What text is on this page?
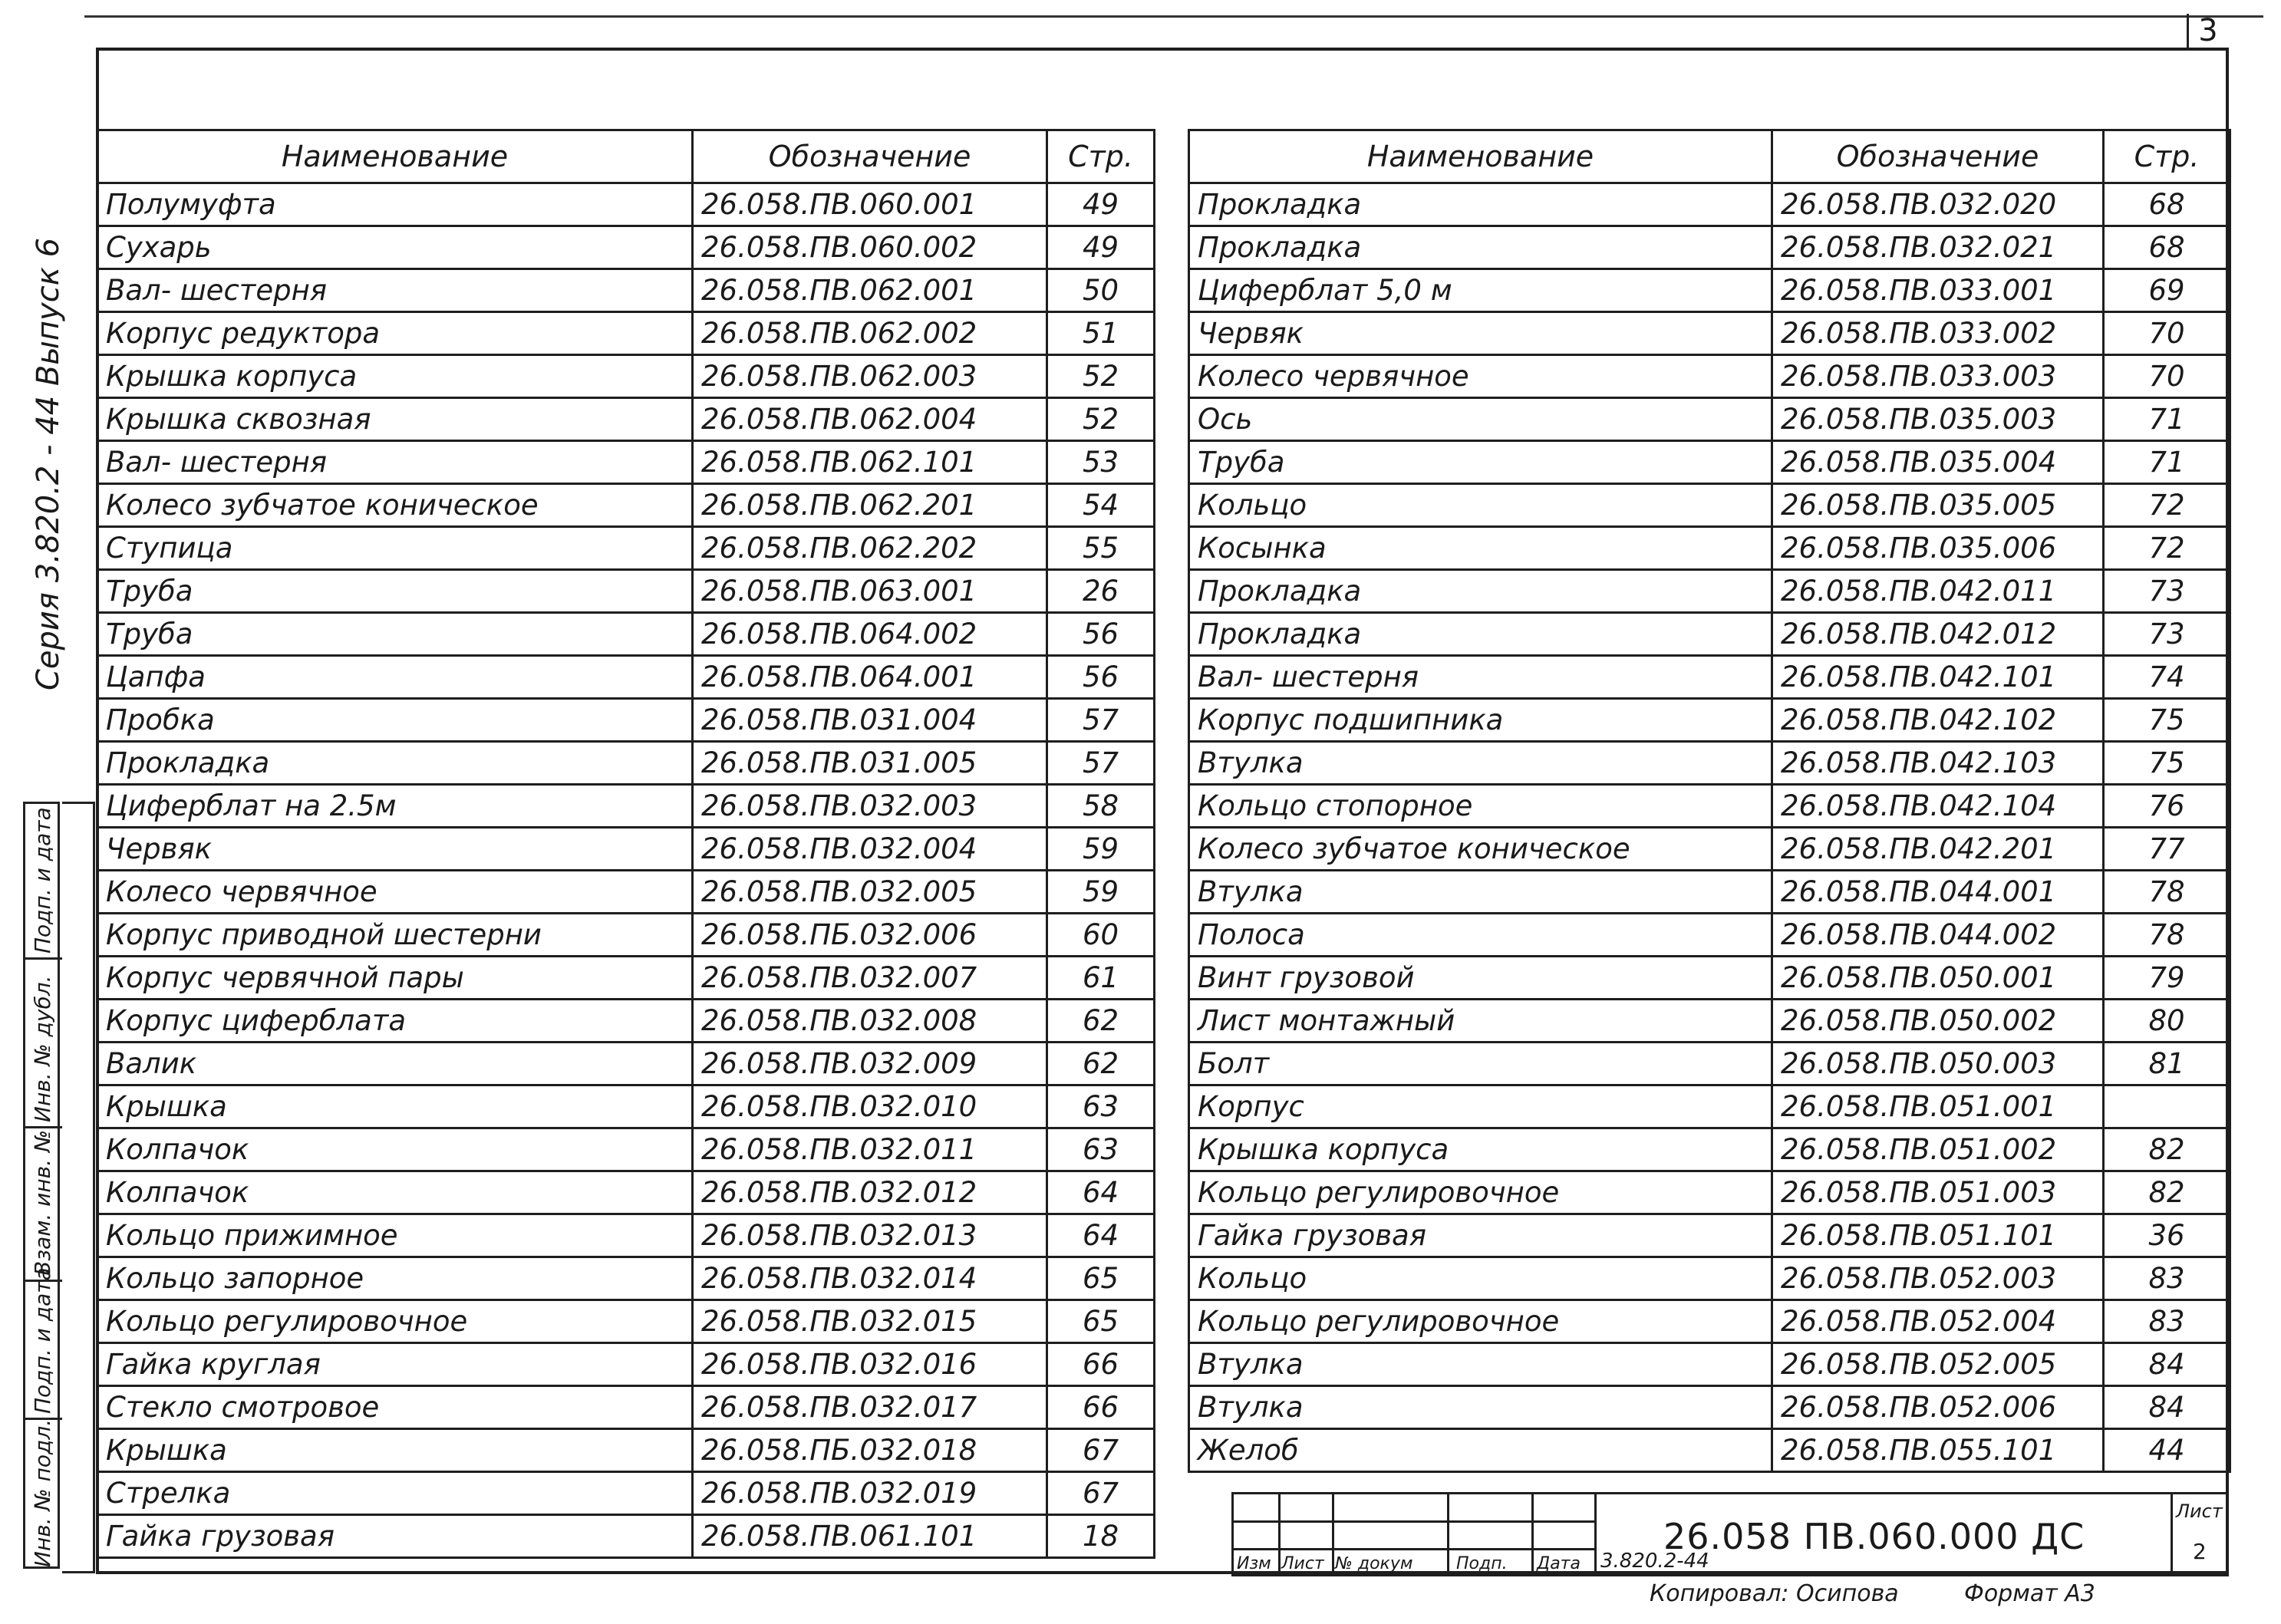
3
Серия 3.820.2 - 44 Выпуск 6
Инв. № подл.
Подп. и дата
Взам. инв. №
Инв. № дубл.
Подп. и дата
Наименование	Обозначение	Стр.
Полумуфта	26.058.ПВ.060.001	49
Сухарь	26.058.ПВ.060.002	49
Вал- шестерня	26.058.ПВ.062.001	50
Корпус редуктора	26.058.ПВ.062.002	51
Крышка корпуса	26.058.ПВ.062.003	52
Крышка сквозная	26.058.ПВ.062.004	52
Вал- шестерня	26.058.ПВ.062.101	53
Колесо зубчатое коническое	26.058.ПВ.062.201	54
Ступица	26.058.ПВ.062.202	55
Труба	26.058.ПВ.063.001	26
Труба	26.058.ПВ.064.002	56
Цапфа	26.058.ПВ.064.001	56
Пробка	26.058.ПВ.031.004	57
Прокладка	26.058.ПВ.031.005	57
Циферблат на 2.5м	26.058.ПВ.032.003	58
Червяк	26.058.ПВ.032.004	59
Колесо червячное	26.058.ПВ.032.005	59
Корпус приводной шестерни	26.058.ПБ.032.006	60
Корпус червячной пары	26.058.ПВ.032.007	61
Корпус циферблата	26.058.ПВ.032.008	62
Валик	26.058.ПВ.032.009	62
Крышка	26.058.ПВ.032.010	63
Колпачок	26.058.ПВ.032.011	63
Колпачок	26.058.ПВ.032.012	64
Кольцо прижимное	26.058.ПВ.032.013	64
Кольцо запорное	26.058.ПВ.032.014	65
Кольцо регулировочное	26.058.ПВ.032.015	65
Гайка круглая	26.058.ПВ.032.016	66
Стекло смотровое	26.058.ПВ.032.017	66
Крышка	26.058.ПБ.032.018	67
Стрелка	26.058.ПВ.032.019	67
Гайка грузовая	26.058.ПВ.061.101	18
Наименование	Обозначение	Стр.
Прокладка	26.058.ПВ.032.020	68
Прокладка	26.058.ПВ.032.021	68
Циферблат 5,0 м	26.058.ПВ.033.001	69
Червяк	26.058.ПВ.033.002	70
Колесо червячное	26.058.ПВ.033.003	70
Ось	26.058.ПВ.035.003	71
Труба	26.058.ПВ.035.004	71
Кольцо	26.058.ПВ.035.005	72
Косынка	26.058.ПВ.035.006	72
Прокладка	26.058.ПВ.042.011	73
Прокладка	26.058.ПВ.042.012	73
Вал- шестерня	26.058.ПВ.042.101	74
Корпус подшипника	26.058.ПВ.042.102	75
Втулка	26.058.ПВ.042.103	75
Кольцо стопорное	26.058.ПВ.042.104	76
Колесо зубчатое коническое	26.058.ПВ.042.201	77
Втулка	26.058.ПВ.044.001	78
Полоса	26.058.ПВ.044.002	78
Винт грузовой	26.058.ПВ.050.001	79
Лист монтажный	26.058.ПВ.050.002	80
Болт	26.058.ПВ.050.003	81
Корпус	26.058.ПВ.051.001	
Крышка корпуса	26.058.ПВ.051.002	82
Кольцо регулировочное	26.058.ПВ.051.003	82
Гайка грузовая	26.058.ПВ.051.101	36
Кольцо	26.058.ПВ.052.003	83
Кольцо регулировочное	26.058.ПВ.052.004	83
Втулка	26.058.ПВ.052.005	84
Втулка	26.058.ПВ.052.006	84
Желоб	26.058.ПВ.055.101	44
Изм Лист № докум	Подп. Дата 3.820.2-44
26.058 ПВ.060.000 ДС
Лист
2
Копировал: Осипова	Формат А3
